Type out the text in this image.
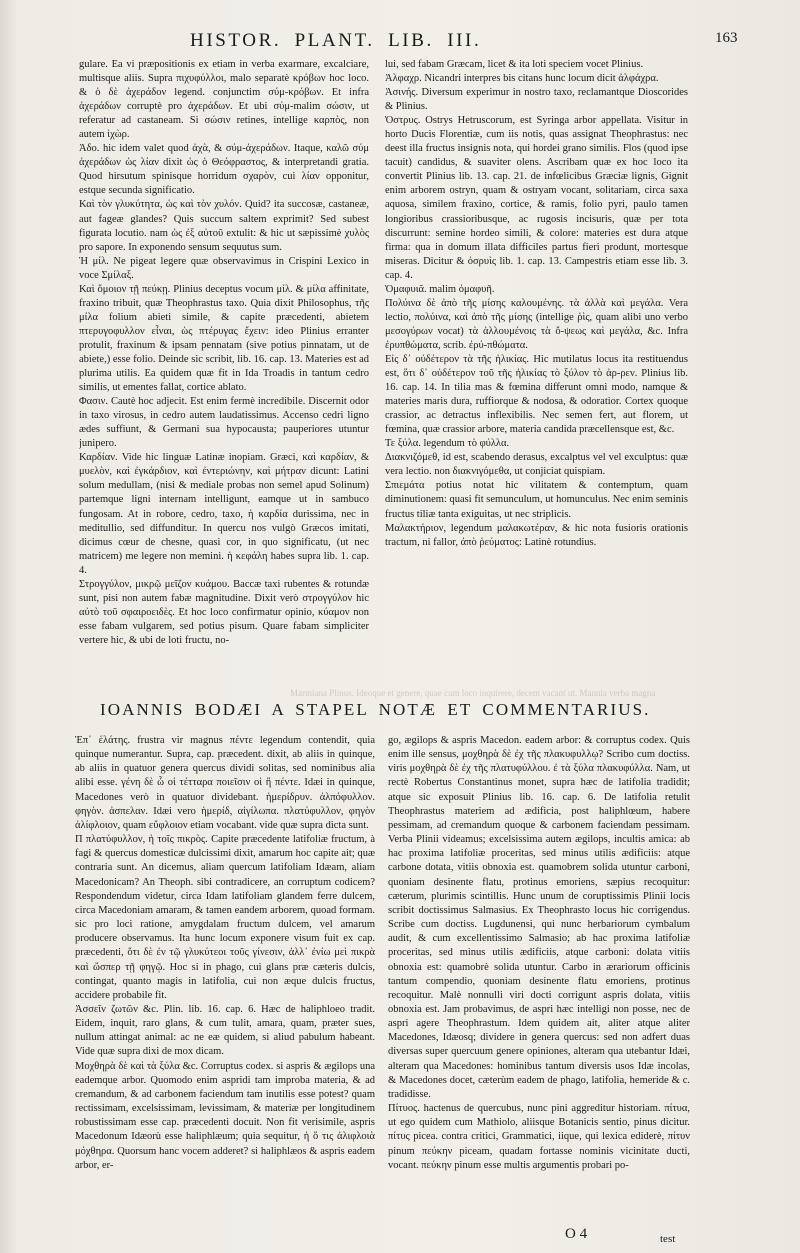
HISTOR. PLANT. LIB. III.	163

gulare. Ea vi præpositionis ex etiam in verba exarmare, excalciare, multisque aliis. Supra πιχυφύλλοι, malo separatè κρόβων hoc loco. & ὁ δὲ ἀχεράδον legend. conjunctim σύμ-κρόβων. Et infra ἀχεράδων corruptè pro ἀχεράδων. Et ubi σύμ-malim σώσιν, ut referatur ad castaneam. Si σώσιν retines, intellige καρπὸς, non autem ἰχὼρ.

Ἀδο. hic idem valet quod ἀχὰ, & σύμ-ἀχεράδων. Itaque, καλῶ σύμ ἀχεράδων ὡς λίαν dixit ὡς ὁ Θεόφραστος, & interpretandi gratia. Quod hirsutum spinisque horridum σχαρὸν, cui λίαν opponitur, estque secunda significatio.

Καὶ τὸν γλυκύτητα, ὡς καὶ τὸν χυλόν. Quid? ita succosæ, castaneæ, aut fageæ glandes? Quis succum saltem exprimit? Sed subest figurata locutio. nam ὡς ἐξ αὐτοῦ extulit: & hic ut sæpissimè χυλὸς pro sapore. In exponendo sensum sequutus sum.

Ἡ μίλ. Ne pigeat legere quæ observavimus in Crispini Lexico in voce Σμίλαξ.

Καὶ ὅμοιον τῇ πεύκῃ. Plinius deceptus vocum μίλ. & μίλα affinitate, fraxino tribuit, quæ Theophrastus taxo. Quia dixit Philosophus, τῆς μίλα folium abieti simile, & capite præcedenti, abietem πτερυγοφυλλον εἶναι, ὡς πτέρυγας ἔχειν: ideo Plinius erranter protulit, fraxinum & ipsam pennatam (sive potius pinnatam, ut de abiete,) esse folio. Deinde sic scribit, lib. 16. cap. 13. Materies est ad plurima utilis. Ea quidem quæ fit in Ida Troadis in tantum cedro similis, ut ementes fallat, cortice ablato.

Φασιν. Cautè hoc adjecit. Est enim fermè incredibile. Discernit odor in taxo virosus, in cedro autem laudatissimus. Accenso cedri ligno ædes suffiunt, & Germani sua hypocausta; pauperiores utuntur junipero.

Καρδίαν. Vide hic linguæ Latinæ inopiam. Græci, καὶ καρδίαν, & μυελὸν, καὶ ἐγκάρδιον, καὶ ἐντεριώνην, καὶ μήτραν dicunt: Latini solum medullam, (nisi & mediale probas non semel apud Solinum) partemque ligni internam intelligunt, eamque ut in sambuco fungosam. At in robore, cedro, taxo, ἡ καρδία durissima, nec in meditullio, sed diffunditur. In quercu nos vulgò Græcos imitati, dicimus cœur de chesne, quasi cor, in quo significatu, (ut nec matricem) me legere non memini. ἡ κεφάλη habes supra lib. 1. cap. 4.

Στρογγύλον, μικρῷ μεῖζον κυάμου. Baccæ taxi rubentes & rotundæ sunt, pisi non autem fabæ magnitudine. Dixit verò στρογγύλον hic αὐτὸ τοῦ σφαιροειδὲς. Et hoc loco confirmatur opinio, κύαμον non esse fabam vulgarem, sed potius pisum. Quare fabam simpliciter vertere hic, & ubi de loti fructu, no-

lui, sed fabam Græcam, licet & ita loti speciem vocet Plinius.

Ἀλφαχρ. Nicandri interpres bis citans hunc locum dicit ἀλφάχρα.

Ἀσινής. Diversum experimur in nostro taxo, reclamantque Dioscorides & Plinius.

Ὀστρυς. Ostrys Hetruscorum, est Syringa arbor appellata. Visitur in horto Ducis Florentiæ, cum iis notis, quas assignat Theophrastus: nec deest illa fructus insignis nota, qui hordei grano similis. Flos (quod ipse tacuit) candidus, & suaviter olens. Ascribam quæ ex hoc loco ita convertit Plinius lib. 13. cap. 21. de infœlicibus Græciæ lignis, Gignit enim arborem ostryn, quam & ostryam vocant, solitariam, circa saxa aquosa, similem fraxino, cortice, & ramis, folio pyri, paulo tamen longioribus crassioribusque, ac rugosis incisuris, quæ per tota discurrunt: semine hordeo simili, & colore: materies est dura atque firma: qua in domum illata difficiles partus fieri produnt, mortesque miseras. Dicitur & ὀσρυὶς lib. 1. cap. 13. Campestris etiam esse lib. 3. cap. 4.

Ὀμαφυιᾶ. malim ὀμαφυῆ.

Πολύινα δὲ ἀπὸ τῆς μίσης καλουμένης. τὰ ἀλλὰ καὶ μεγάλα. Vera lectio, πολύινα, καὶ ἀπὸ τῆς μίσης (intellige ῥὶς, quam alibi uno verbo μεσογύρων vocat) τὰ ἀλλουμένοις τὰ ὄ-ψεως καὶ μεγάλα, &c. Infra ἐρυπθώματα, scrib. ἐρύ-πθώματα.

Εἰς δ᾽ οὐδέτερον τὰ τῆς ἡλικίας. Hic mutilatus locus ita restituendus est, ὅτι δ᾽ οὐδέτερον τοῦ τῆς ἡλικίας τὸ ξύλον τὸ ἀρ-ρεν. Plinius lib. 16. cap. 14. In tilia mas & fœmina differunt omni modo, namque & materies maris dura, ruffiorque & nodosa, & odoratior. Cortex quoque crassior, ac detractus inflexibilis. Nec semen fert, aut florem, ut fœmina, quæ crassior arbore, materia candida præcellensque est, &c.

Τε ξύλα. legendum τὸ φύλλα.

Διακνιζόμεθ, id est, scabendo derasus, excalptus vel vel exculptus: quæ vera lectio. non διακνιγόμεθα, ut conjiciat quispiam.

Σπιεμάτα potius notat hic vilitatem & contemptum, quam diminutionem: quasi fit semunculum, ut homunculus. Nec enim seminis fructus tiliæ tanta exiguitas, ut nec striplicis.

Μαλακτήριον, legendum μαλακωτέραν, & hic nota fusioris orationis tractum, ni fallor, ἀπὸ ῥεύματος: Latinè rotundius.

Marmiana Plinus. Ideoque et genere, quae cum loco inquirere, decem vacant ut. Mannia verba magna
IOANNIS BODÆI A STAPEL NOTÆ ET COMMENTARIUS.

Ἐπ᾽ ἑλάτης. frustra vir magnus πέντε legendum contendit, quia quinque numerantur. Supra, cap. præcedent. dixit, ab aliis in quinque, ab aliis in quatuor genera quercus dividi solitas, sed nominibus alia alibi esse. γένη δὲ ὦ οἱ τέτταρα ποιεῖσιν οἱ ἢ πέντε. Idæi in quinque, Macedones verò in quatuor dividebant. ἡμερίδρυν. ἀλπόφυλλον. φηγὸν. ἀσπελαν. Idæi vero ἡμερίδ, αἰγίλωπα. πλατύφυλλον, φηγὸν ἀλίφλοιον, quam εὔφλοιον etiam vocabant. vide quæ supra dicta sunt.

Π πλατύφυλλον, ἡ τοῖς πικρὸς. Capite præcedente latifoliæ fructum, à fagi & quercus domesticæ dulcissimi dixit, amarum hoc capite ait; quæ contraria sunt. An dicemus, aliam quercum latifoliam Idæam, aliam Macedonicam? An Theoph. sibi contradicere, an corruptum codicem? Respondendum videtur, circa Idam latifoliam glandem ferre dulcem, circa Macedoniam amaram, & tamen eandem arborem, quoad formam. sic pro loci ratione, amygdalam fructum dulcem, vel amarum producere observamus. Ita hunc locum exponere visum fuit ex cap. præcedenti, ὅτι δὲ ἐν τῷ γλυκύτεοι τοῦς γίνεσιν, ἀλλ᾽ ἐνίω μεὶ πικρὰ καὶ ὤσπερ τῇ φηγῷ. Hoc si in phago, cui glans præ cæteris dulcis, contingat, quanto magis in latifolia, cui non æque dulcis fructus, accidere probabile fit.

Ἀσσεῖν ζωτῶν &c. Plin. lib. 16. cap. 6. Hæc de haliphloeo tradit. Eidem, inquit, raro glans, & cum tulit, amara, quam, præter sues, nullum attingat animal: ac ne eæ quidem, si aliud pabulum habeant. Vide quæ supra dixi de mox dicam.

Μοχθηρὰ δὲ καὶ τὰ ξύλα &c. Corruptus codex. si aspris & ægilops una eademque arbor. Quomodo enim aspridi tam improba materia, & ad cremandum, & ad carbonem faciendum tam inutilis esse potest? quam rectissimam, excelsissimam, levissimam, & materiæ per longitudinem robustissimam esse cap. præcedenti docuit. Non fit verisimile, aspris Macedonum Idæorù esse haliphlæum; quia sequitur, ἡ ὅ τις ἀλιφλοιὰ μόχθηρα. Quorsum hanc vocem adderet? si haliphlæos & aspris eadem arbor, er-

go, ægilops & aspris Macedon. eadem arbor: & corruptus codex. Quis enim ille sensus, μοχθηρὰ δὲ ἐχ τῆς πλακυφυλλῳ? Scribo cum doctiss. viris μοχθηρὰ δὲ ἐχ τῆς πλατυφύλλου. ἐ τὰ ξύλα πλακυφύλλα. Nam, ut rectè Robertus Constantinus monet, supra hæc de latifolia tradidit; atque sic exposuit Plinius lib. 16. cap. 6. De latifolia retulit Theophrastus materiem ad ædificia, post haliphlœum, habere pessimam, ad cremandum quoque & carbonem faciendam pessimam. Verba Plinii videamus; excelsissima autem ægilops, incultis amica: ab hac proxima latifoliæ proceritas, sed minus utilis ædificiis: atque carbone dotata, vitiis obnoxia est. quamobrem solida utuntur carboni, quoniam desinente flatu, protinus emoriens, sæpius recoquitur: cæterum, plurimis scintillis. Hunc unum de coruptissimis Plinii locis scribit doctissimus Salmasius. Ex Theophrasto locus hic corrigendus. Scribe cum doctiss. Lugdunensi, qui nunc herbariorum cymbalum audit, & cum excellentissimo Salmasio; ab hac proxima latifoliæ proceritas, sed minus utilis ædificiis, atque carboni: dolata vitiis obnoxia est: quamobrè solida utuntur. Carbo in ærariorum officinis tantum compendio, quoniam desinente flatu emoriens, protinus recoquitur. Malè nonnulli viri docti corrigunt aspris dolata, vitiis obnoxia est. Jam probavimus, de aspri hæc intelligi non posse, nec de aspri agere Theophrastum. Idem quidem ait, aliter atque aliter Macedones, Idæosq; dividere in genera quercus: sed non adfert duas diversas super quercuum genere opiniones, alteram qua utebantur Idæi, alteram qua Macedones: hominibus tantum diversis usos Idæ incolas, & Macedones docet, cæterùm eadem de phago, latifolia, hemeride & c. tradidisse.

Πίτυος. hactenus de quercubus, nunc pini aggreditur historiam. πίτυα, ut ego quidem cum Mathiolo, aliisque Botanicis sentio, pinus dicitur. πίτυς picea. contra critici, Grammatici, iique, qui lexica ediderè, πίτυν pinum πεύκην piceam, quadam fortasse nominis vicinitate ducti, vocant. πεύκην pinum esse multis argumentis probari po-

O 4	test
